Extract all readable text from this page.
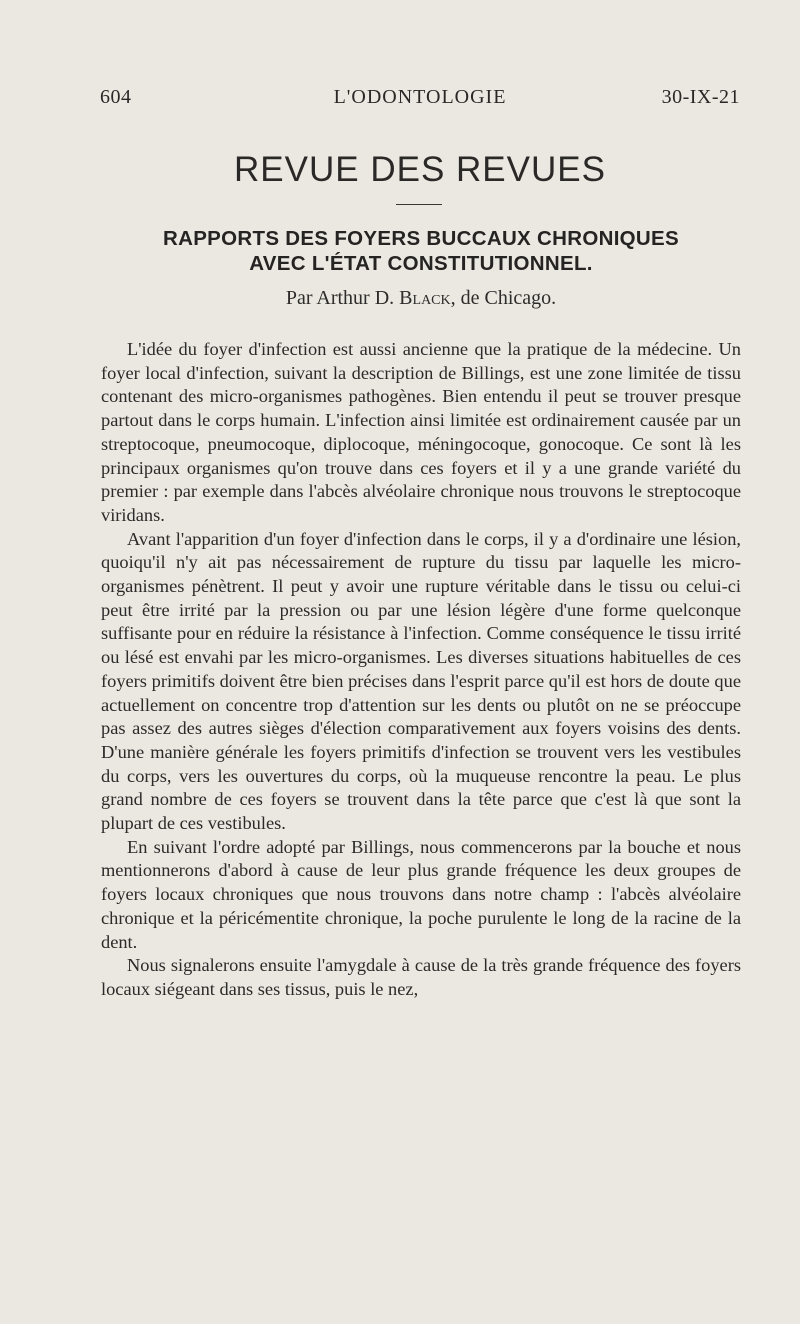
604	L'ODONTOLOGIE	30-IX-21
REVUE DES REVUES
RAPPORTS DES FOYERS BUCCAUX CHRONIQUES
AVEC L'ÉTAT CONSTITUTIONNEL.
Par Arthur D. Black, de Chicago.

L'idée du foyer d'infection est aussi ancienne que la pratique de la médecine. Un foyer local d'infection, suivant la description de Billings, est une zone limitée de tissu contenant des micro-organismes pathogènes. Bien entendu il peut se trouver presque partout dans le corps humain. L'infection ainsi limitée est ordinairement causée par un streptocoque, pneumocoque, diplocoque, méningocoque, gonocoque. Ce sont là les principaux organismes qu'on trouve dans ces foyers et il y a une grande variété du premier : par exemple dans l'abcès alvéolaire chronique nous trouvons le streptocoque viridans.

Avant l'apparition d'un foyer d'infection dans le corps, il y a d'ordinaire une lésion, quoiqu'il n'y ait pas nécessairement de rupture du tissu par laquelle les micro-organismes pénètrent. Il peut y avoir une rupture véritable dans le tissu ou celui-ci peut être irrité par la pression ou par une lésion légère d'une forme quelconque suffisante pour en réduire la résistance à l'infection. Comme conséquence le tissu irrité ou lésé est envahi par les micro-organismes. Les diverses situations habituelles de ces foyers primitifs doivent être bien précises dans l'esprit parce qu'il est hors de doute que actuellement on concentre trop d'attention sur les dents ou plutôt on ne se préoccupe pas assez des autres sièges d'élection comparativement aux foyers voisins des dents. D'une manière générale les foyers primitifs d'infection se trouvent vers les vestibules du corps, vers les ouvertures du corps, où la muqueuse rencontre la peau. Le plus grand nombre de ces foyers se trouvent dans la tête parce que c'est là que sont la plupart de ces vestibules.

En suivant l'ordre adopté par Billings, nous commencerons par la bouche et nous mentionnerons d'abord à cause de leur plus grande fréquence les deux groupes de foyers locaux chroniques que nous trouvons dans notre champ : l'abcès alvéolaire chronique et la péricémentite chronique, la poche purulente le long de la racine de la dent.

Nous signalerons ensuite l'amygdale à cause de la très grande fréquence des foyers locaux siégeant dans ses tissus, puis le nez,
